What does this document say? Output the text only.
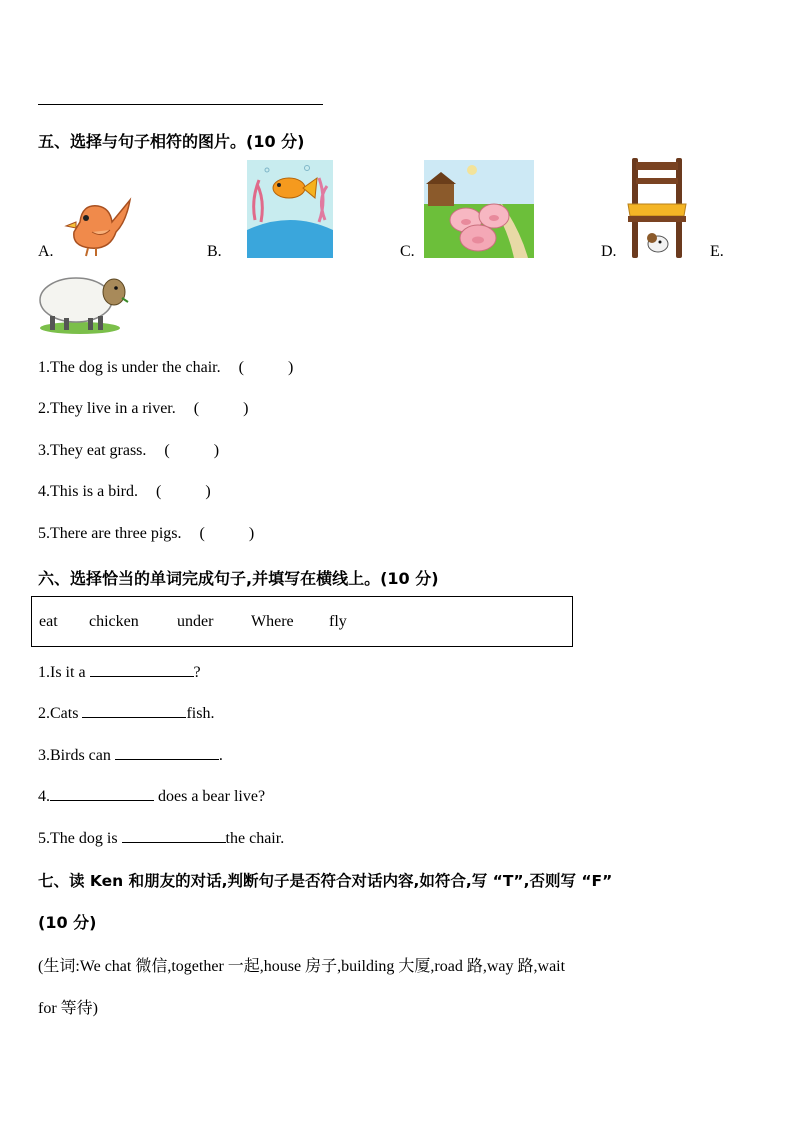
五、选择与句子相符的图片。(10 分)
A.	B.	C.	D.	E.
1.The dog is under the chair. (           )
2.They live in a river. (           )
3.They eat grass. (           )
4.This is a bird. (           )
5.There are three pigs. (           )
六、选择恰当的单词完成句子,并填写在横线上。(10 分)
eat chicken under Where fly
1.Is it a	?
2.Cats	fish.
3.Birds can	.
4.	does a bear live?
5.The dog is	the chair.
七、读 Ken 和朋友的对话,判断句子是否符合对话内容,如符合,写 “T”,否则写 “F”
(10 分)
(生词:We chat 微信,together 一起,house 房子,building 大厦,road 路,way 路,wait
for 等待)
